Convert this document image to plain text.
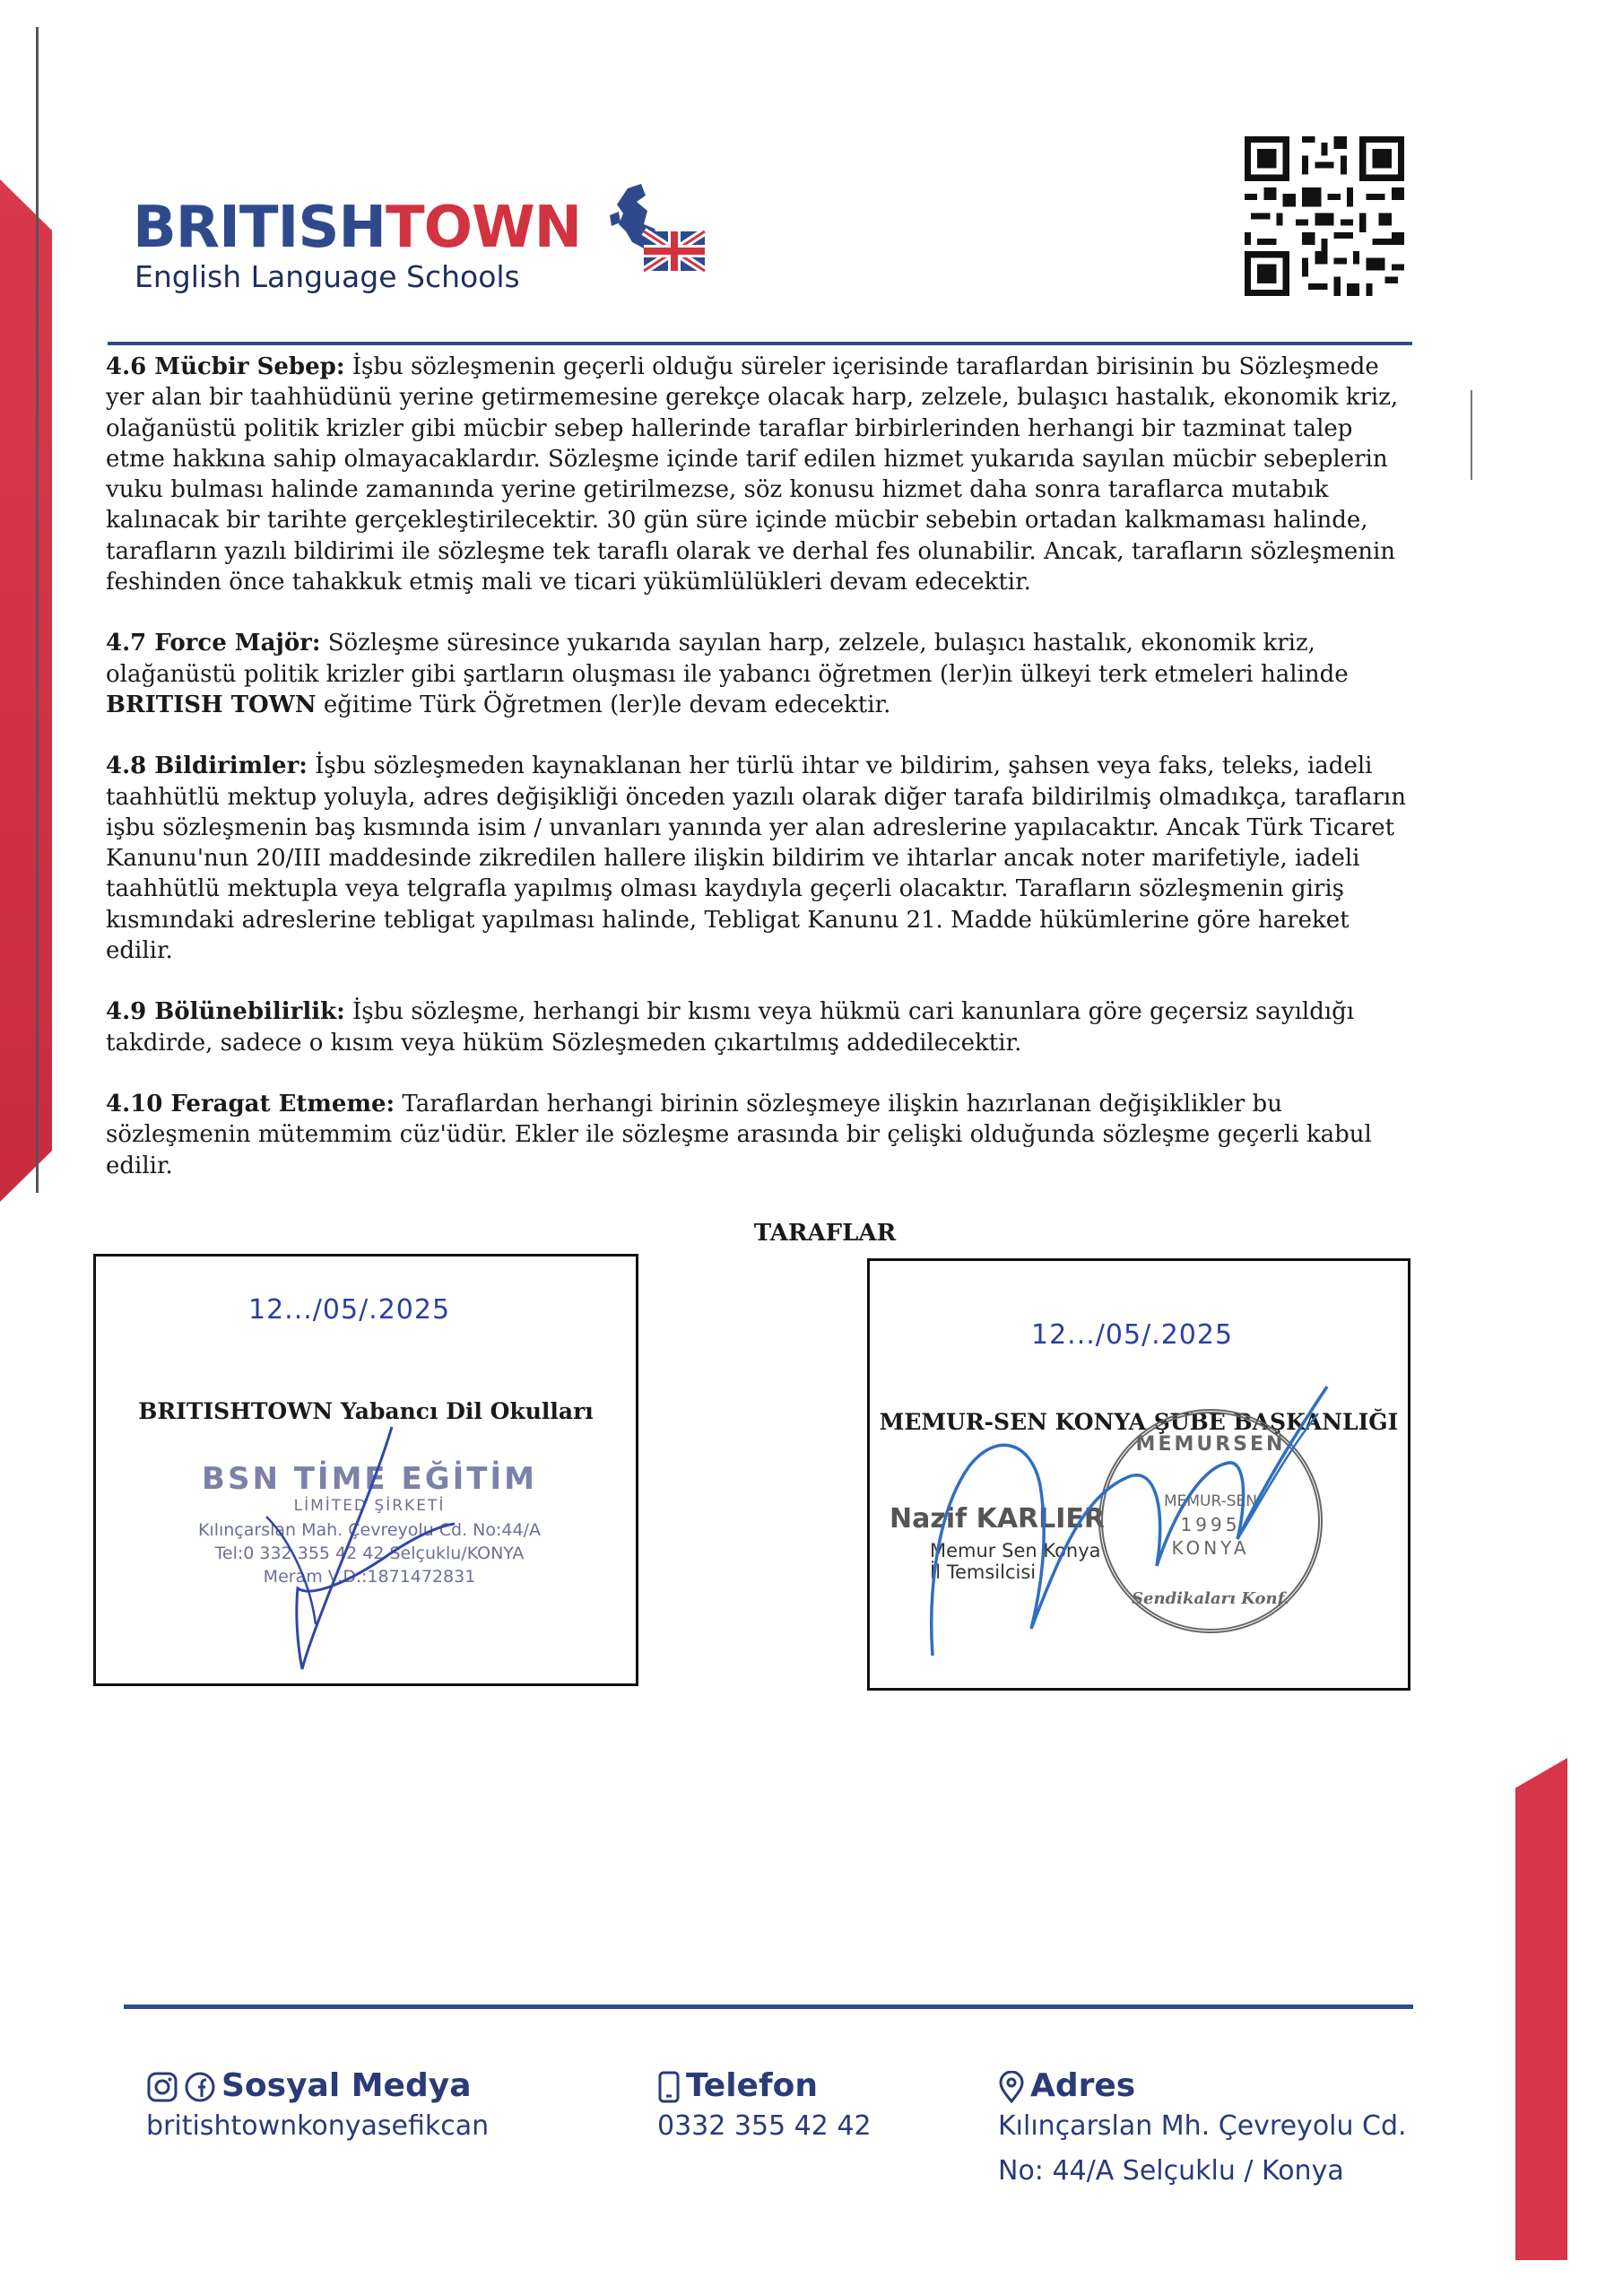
BRITISHTOWN
English Language Schools

4.6 Mücbir Sebep: İşbu sözleşmenin geçerli olduğu süreler içerisinde taraflardan birisinin bu Sözleşmede yer alan bir taahhüdünü yerine getirmemesine gerekçe olacak harp, zelzele, bulaşıcı hastalık, ekonomik kriz, olağanüstü politik krizler gibi mücbir sebep hallerinde taraflar birbirlerinden herhangi bir tazminat talep etme hakkına sahip olmayacaklardır. Sözleşme içinde tarif edilen hizmet yukarıda sayılan mücbir sebeplerin vuku bulması halinde zamanında yerine getirilmezse, söz konusu hizmet daha sonra taraflarca mutabık kalınacak bir tarihte gerçekleştirilecektir. 30 gün süre içinde mücbir sebebin ortadan kalkmaması halinde, tarafların yazılı bildirimi ile sözleşme tek taraflı olarak ve derhal fes olunabilir. Ancak, tarafların sözleşmenin feshinden önce tahakkuk etmiş mali ve ticari yükümlülükleri devam edecektir.

4.7 Force Majör: Sözleşme süresince yukarıda sayılan harp, zelzele, bulaşıcı hastalık, ekonomik kriz, olağanüstü politik krizler gibi şartların oluşması ile yabancı öğretmen (ler)in ülkeyi terk etmeleri halinde BRITISH TOWN eğitime Türk Öğretmen (ler)le devam edecektir.

4.8 Bildirimler: İşbu sözleşmeden kaynaklanan her türlü ihtar ve bildirim, şahsen veya faks, teleks, iadeli taahhütlü mektup yoluyla, adres değişikliği önceden yazılı olarak diğer tarafa bildirilmiş olmadıkça, tarafların işbu sözleşmenin baş kısmında isim / unvanları yanında yer alan adreslerine yapılacaktır. Ancak Türk Ticaret Kanunu'nun 20/III maddesinde zikredilen hallere ilişkin bildirim ve ihtarlar ancak noter marifetiyle, iadeli taahhütlü mektupla veya telgrafla yapılmış olması kaydıyla geçerli olacaktır. Tarafların sözleşmenin giriş kısmındaki adreslerine tebligat yapılması halinde, Tebligat Kanunu 21. Madde hükümlerine göre hareket edilir.

4.9 Bölünebilirlik: İşbu sözleşme, herhangi bir kısmı veya hükmü cari kanunlara göre geçersiz sayıldığı takdirde, sadece o kısım veya hüküm Sözleşmeden çıkartılmış addedilecektir.

4.10 Feragat Etmeme: Taraflardan herhangi birinin sözleşmeye ilişkin hazırlanan değişiklikler bu sözleşmenin mütemmim cüz'üdür. Ekler ile sözleşme arasında bir çelişki olduğunda sözleşme geçerli kabul edilir.

TARAFLAR
12.../05/.2025
BRITISHTOWN Yabancı Dil Okulları
BSN TİME EĞİTİM
LİMİTED ŞİRKETİ
Kılınçarslan Mah. Çevreyolu Cd. No:44/A
Tel:0 332 355 42 42 Selçuklu/KONYA
Meram V.D.:1871472831
12.../05/.2025
MEMUR-SEN KONYA ŞUBE BAŞKANLIĞI
Nazif KARLIER
Memur Sen Konya
İl Temsilcisi
MEMURSEN
MEMUR-SEN
1995
KONYA
Sendikaları Konf.
Sosyal Medya
britishtownkonyasefikcan
Telefon
0332 355 42 42
Adres
Kılınçarslan Mh. Çevreyolu Cd.
No: 44/A Selçuklu / Konya
